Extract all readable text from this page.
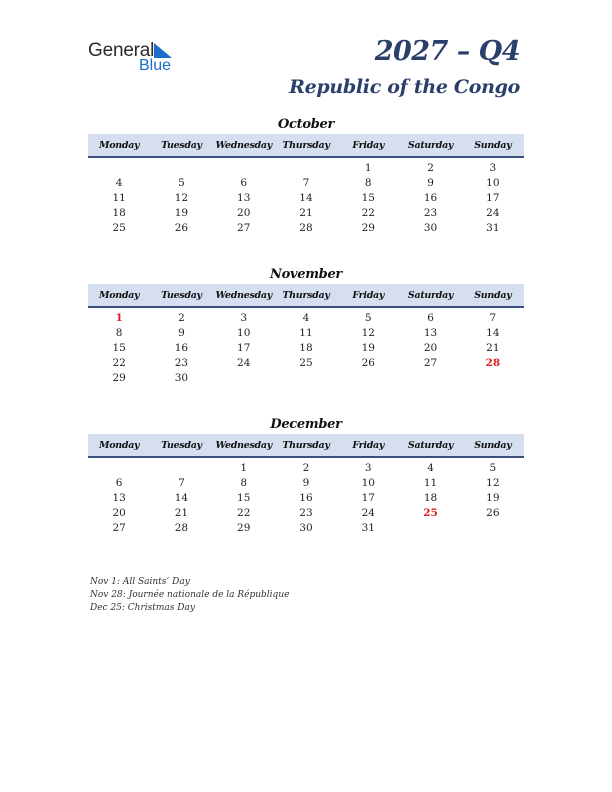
General
Blue	2027 – Q4
Republic of the Congo
October
Monday	Tuesday	Wednesday	Thursday	Friday	Saturday	Sunday
				1	2	3
4	5	6	7	8	9	10
11	12	13	14	15	16	17
18	19	20	21	22	23	24
25	26	27	28	29	30	31
November
Monday	Tuesday	Wednesday	Thursday	Friday	Saturday	Sunday
1	2	3	4	5	6	7
8	9	10	11	12	13	14
15	16	17	18	19	20	21
22	23	24	25	26	27	28
29	30					
December
Monday	Tuesday	Wednesday	Thursday	Friday	Saturday	Sunday
		1	2	3	4	5
6	7	8	9	10	11	12
13	14	15	16	17	18	19
20	21	22	23	24	25	26
27	28	29	30	31		
Nov 1: All Saints’ Day
Nov 28: Journée nationale de la République
Dec 25: Christmas Day
